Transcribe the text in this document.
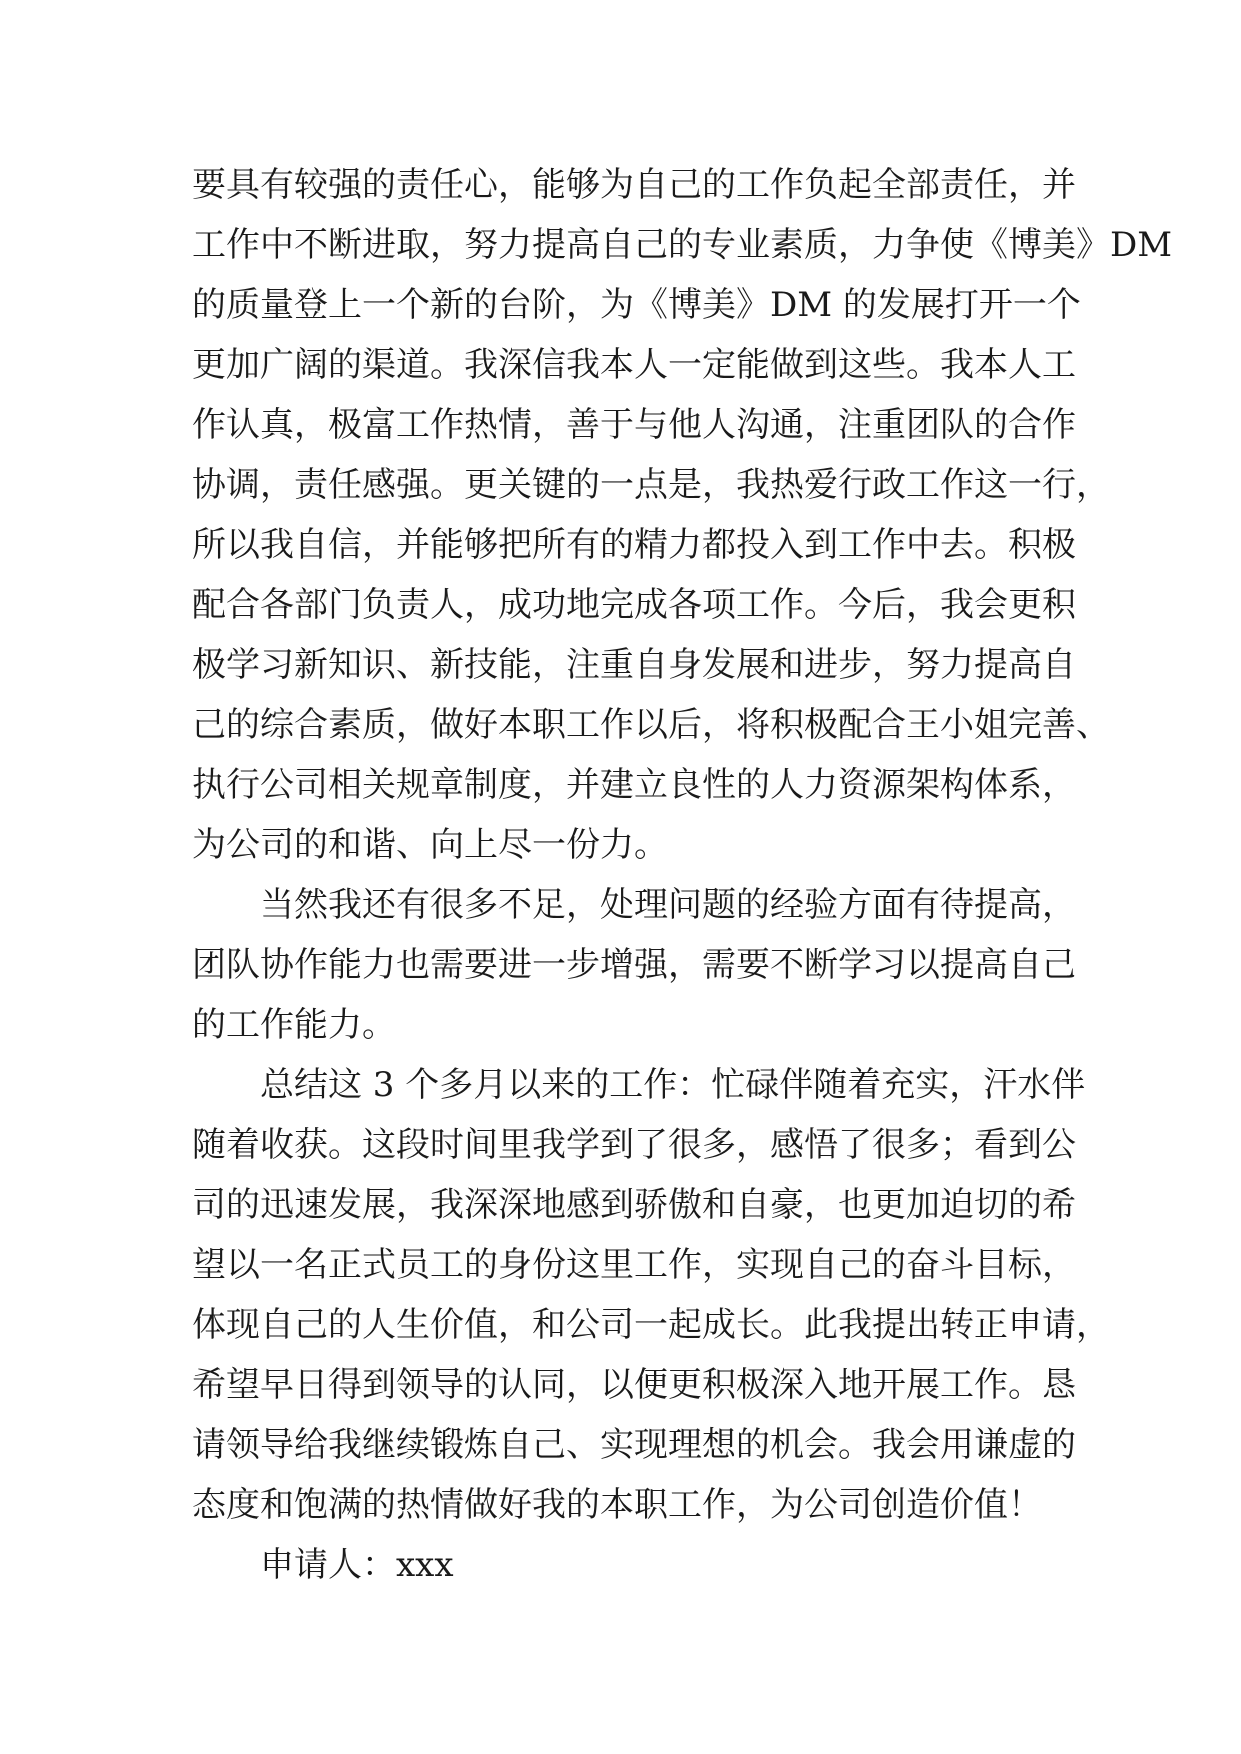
要具有较强的责任心，能够为自己的工作负起全部责任，并
工作中不断进取，努力提高自己的专业素质，力争使《博美》DM
的质量登上一个新的台阶，为《博美》DM 的发展打开一个
更加广阔的渠道。我深信我本人一定能做到这些。我本人工
作认真，极富工作热情，善于与他人沟通，注重团队的合作
协调，责任感强。更关键的一点是，我热爱行政工作这一行，
所以我自信，并能够把所有的精力都投入到工作中去。积极
配合各部门负责人，成功地完成各项工作。今后，我会更积
极学习新知识、新技能，注重自身发展和进步，努力提高自
己的综合素质，做好本职工作以后，将积极配合王小姐完善、
执行公司相关规章制度，并建立良性的人力资源架构体系，
为公司的和谐、向上尽一份力。
当然我还有很多不足，处理问题的经验方面有待提高，
团队协作能力也需要进一步增强，需要不断学习以提高自己
的工作能力。
总结这 3 个多月以来的工作：忙碌伴随着充实，汗水伴
随着收获。这段时间里我学到了很多，感悟了很多；看到公
司的迅速发展，我深深地感到骄傲和自豪，也更加迫切的希
望以一名正式员工的身份这里工作，实现自己的奋斗目标，
体现自己的人生价值，和公司一起成长。此我提出转正申请，
希望早日得到领导的认同，以便更积极深入地开展工作。恳
请领导给我继续锻炼自己、实现理想的机会。我会用谦虚的
态度和饱满的热情做好我的本职工作，为公司创造价值！
申请人：xxx
